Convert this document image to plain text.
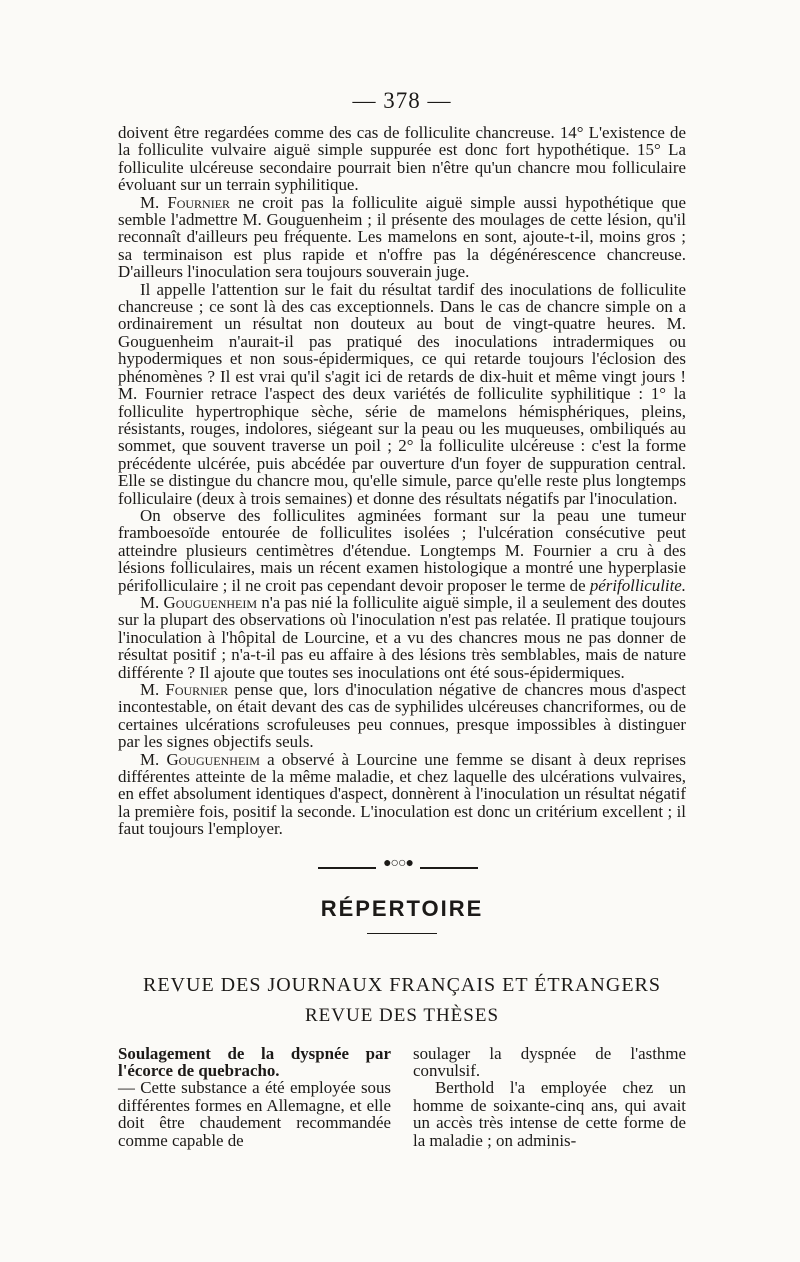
— 378 —

doivent être regardées comme des cas de folliculite chancreuse. 14° L'existence de la folliculite vulvaire aiguë simple suppurée est donc fort hypothétique. 15° La folliculite ulcéreuse secondaire pourrait bien n'être qu'un chancre mou folliculaire évoluant sur un terrain syphilitique.

M. Fournier ne croit pas la folliculite aiguë simple aussi hypothétique que semble l'admettre M. Gouguenheim ; il présente des moulages de cette lésion, qu'il reconnaît d'ailleurs peu fréquente. Les mamelons en sont, ajoute-t-il, moins gros ; sa terminaison est plus rapide et n'offre pas la dégénérescence chancreuse. D'ailleurs l'inoculation sera toujours souverain juge.

Il appelle l'attention sur le fait du résultat tardif des inoculations de folliculite chancreuse ; ce sont là des cas exceptionnels. Dans le cas de chancre simple on a ordinairement un résultat non douteux au bout de vingt-quatre heures. M. Gouguenheim n'aurait-il pas pratiqué des inoculations intradermiques ou hypodermiques et non sous-épidermiques, ce qui retarde toujours l'éclosion des phénomènes ? Il est vrai qu'il s'agit ici de retards de dix-huit et même vingt jours ! M. Fournier retrace l'aspect des deux variétés de folliculite syphilitique : 1° la folliculite hypertrophique sèche, série de mamelons hémisphériques, pleins, résistants, rouges, indolores, siégeant sur la peau ou les muqueuses, ombiliqués au sommet, que souvent traverse un poil ; 2° la folliculite ulcéreuse : c'est la forme précédente ulcérée, puis abcédée par ouverture d'un foyer de suppuration central. Elle se distingue du chancre mou, qu'elle simule, parce qu'elle reste plus longtemps folliculaire (deux à trois semaines) et donne des résultats négatifs par l'inoculation.

On observe des folliculites agminées formant sur la peau une tumeur framboesoïde entourée de folliculites isolées ; l'ulcération consécutive peut atteindre plusieurs centimètres d'étendue. Longtemps M. Fournier a cru à des lésions folliculaires, mais un récent examen histologique a montré une hyperplasie périfolliculaire ; il ne croit pas cependant devoir proposer le terme de périfolliculite.

M. Gouguenheim n'a pas nié la folliculite aiguë simple, il a seulement des doutes sur la plupart des observations où l'inoculation n'est pas relatée. Il pratique toujours l'inoculation à l'hôpital de Lourcine, et a vu des chancres mous ne pas donner de résultat positif ; n'a-t-il pas eu affaire à des lésions très semblables, mais de nature différente ? Il ajoute que toutes ses inoculations ont été sous-épidermiques.

M. Fournier pense que, lors d'inoculation négative de chancres mous d'aspect incontestable, on était devant des cas de syphilides ulcéreuses chancriformes, ou de certaines ulcérations scrofuleuses peu connues, presque impossibles à distinguer par les signes objectifs seuls.

M. Gouguenheim a observé à Lourcine une femme se disant à deux reprises différentes atteinte de la même maladie, et chez laquelle des ulcérations vulvaires, en effet absolument identiques d'aspect, donnèrent à l'inoculation un résultat négatif la première fois, positif la seconde. L'inoculation est donc un critérium excellent ; il faut toujours l'employer.

●○○●
RÉPERTOIRE
REVUE DES JOURNAUX FRANÇAIS ET ÉTRANGERS
REVUE DES THÈSES

Soulagement de la dyspnée par l'écorce de quebracho.
— Cette substance a été employée sous différentes formes en Allemagne, et elle doit être chaudement recommandée comme capable de

soulager la dyspnée de l'asthme convulsif.

Berthold l'a employée chez un homme de soixante-cinq ans, qui avait un accès très intense de cette forme de la maladie ; on adminis-
